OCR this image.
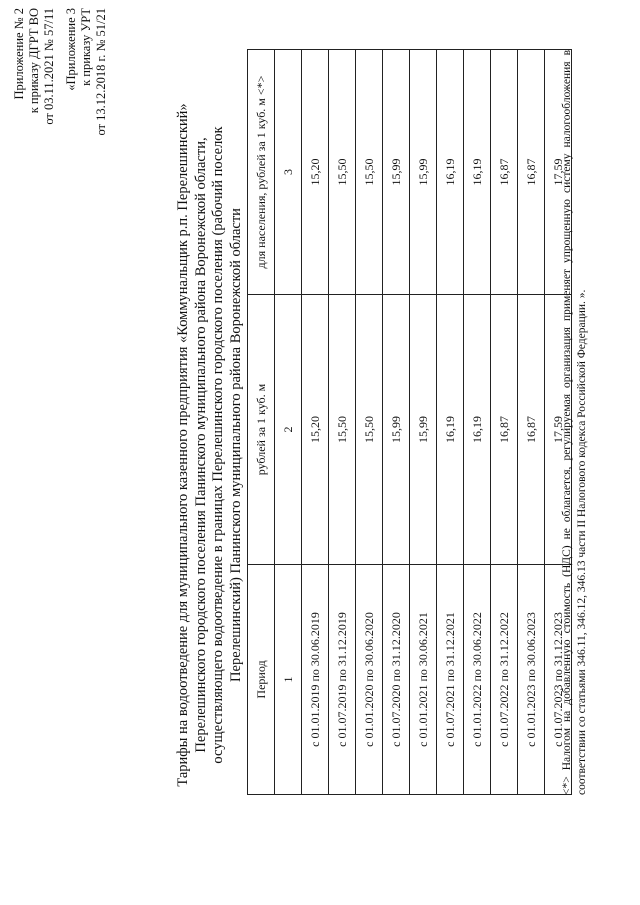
Приложение № 2 к приказу ДГРТ ВО от 03.11.2021 № 57/11 «Приложение 3 к приказу УРТ от 13.12.2018 г. № 51/21
Тарифы на водоотведение для муниципального казенного предприятия «Коммунальщик р.п. Перелешинский» Перелешинского городского поселения Панинского муниципального района Воронежской области, осуществляющего водоотведение в границах Перелешинского городского поселения (рабочий поселок Перелешинский) Панинского муниципального района Воронежской области Период	рублей за 1 куб. м	для населения, рублей за 1 куб. м <*>
1	2	3
с 01.01.2019 по 30.06.2019	15,20	15,20
с 01.07.2019 по 31.12.2019	15,50	15,50
с 01.01.2020 по 30.06.2020	15,50	15,50
с 01.07.2020 по 31.12.2020	15,99	15,99
с 01.01.2021 по 30.06.2021	15,99	15,99
с 01.07.2021 по 31.12.2021	16,19	16,19
с 01.01.2022 по 30.06.2022	16,19	16,19
с 01.07.2022 по 31.12.2022	16,87	16,87
с 01.01.2023 по 30.06.2023	16,87	16,87
с 01.07.2023 по 31.12.2023	17,59	17,59
<*> Налогом на добавленную стоимость (НДС) не облагается, регулируемая организация применяет упрощенную систему налогообложения в соответствии со статьями 346.11, 346.12, 346.13 части II Налогового кодекса Российской Федерации. ».
